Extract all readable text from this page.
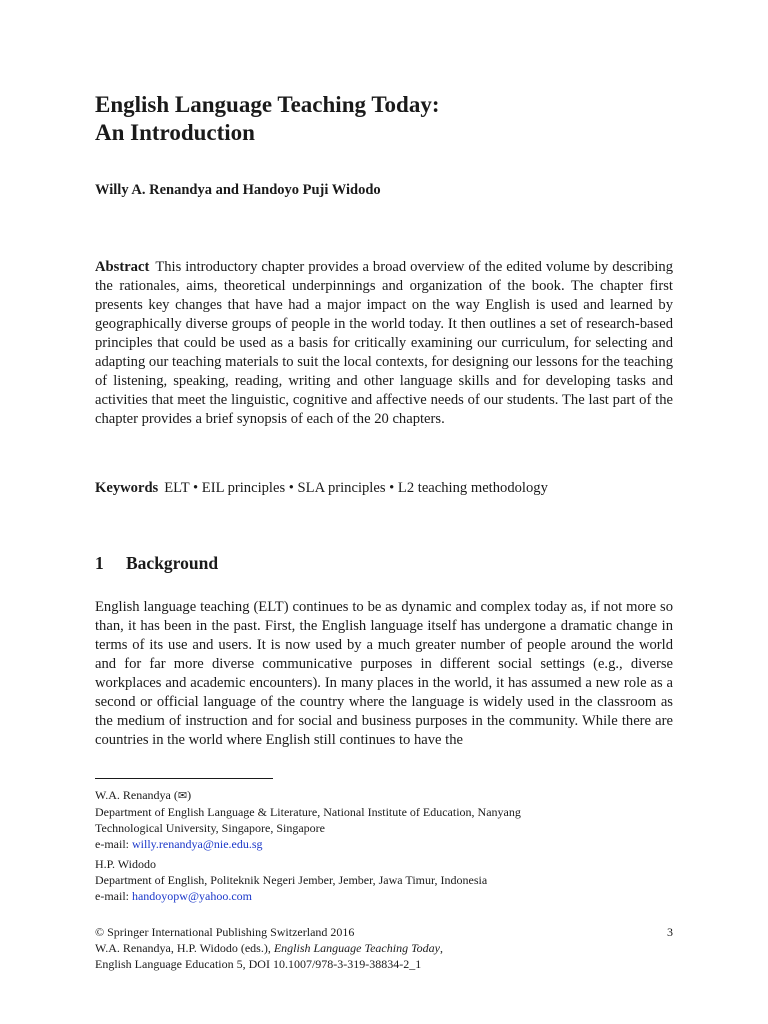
English Language Teaching Today:
An Introduction
Willy A. Renandya and Handoyo Puji Widodo

Abstract This introductory chapter provides a broad overview of the edited volume by describing the rationales, aims, theoretical underpinnings and organization of the book. The chapter first presents key changes that have had a major impact on the way English is used and learned by geographically diverse groups of people in the world today. It then outlines a set of research-based principles that could be used as a basis for critically examining our curriculum, for selecting and adapting our teaching materials to suit the local contexts, for designing our lessons for the teaching of listening, speaking, reading, writing and other language skills and for developing tasks and activities that meet the linguistic, cognitive and affective needs of our students. The last part of the chapter provides a brief synopsis of each of the 20 chapters.

Keywords ELT • EIL principles • SLA principles • L2 teaching methodology
1 Background

English language teaching (ELT) continues to be as dynamic and complex today as, if not more so than, it has been in the past. First, the English language itself has undergone a dramatic change in terms of its use and users. It is now used by a much greater number of people around the world and for far more diverse communicative purposes in different social settings (e.g., diverse workplaces and academic encounters). In many places in the world, it has assumed a new role as a second or official language of the country where the language is widely used in the classroom as the medium of instruction and for social and business purposes in the community. While there are countries in the world where English still continues to have the

W.A. Renandya (✉)
Department of English Language & Literature, National Institute of Education, Nanyang
Technological University, Singapore, Singapore
e-mail: willy.renandya@nie.edu.sg
H.P. Widodo
Department of English, Politeknik Negeri Jember, Jember, Jawa Timur, Indonesia
e-mail: handoyopw@yahoo.com
© Springer International Publishing Switzerland 2016	3
W.A. Renandya, H.P. Widodo (eds.), English Language Teaching Today,
English Language Education 5, DOI 10.1007/978-3-319-38834-2_1
